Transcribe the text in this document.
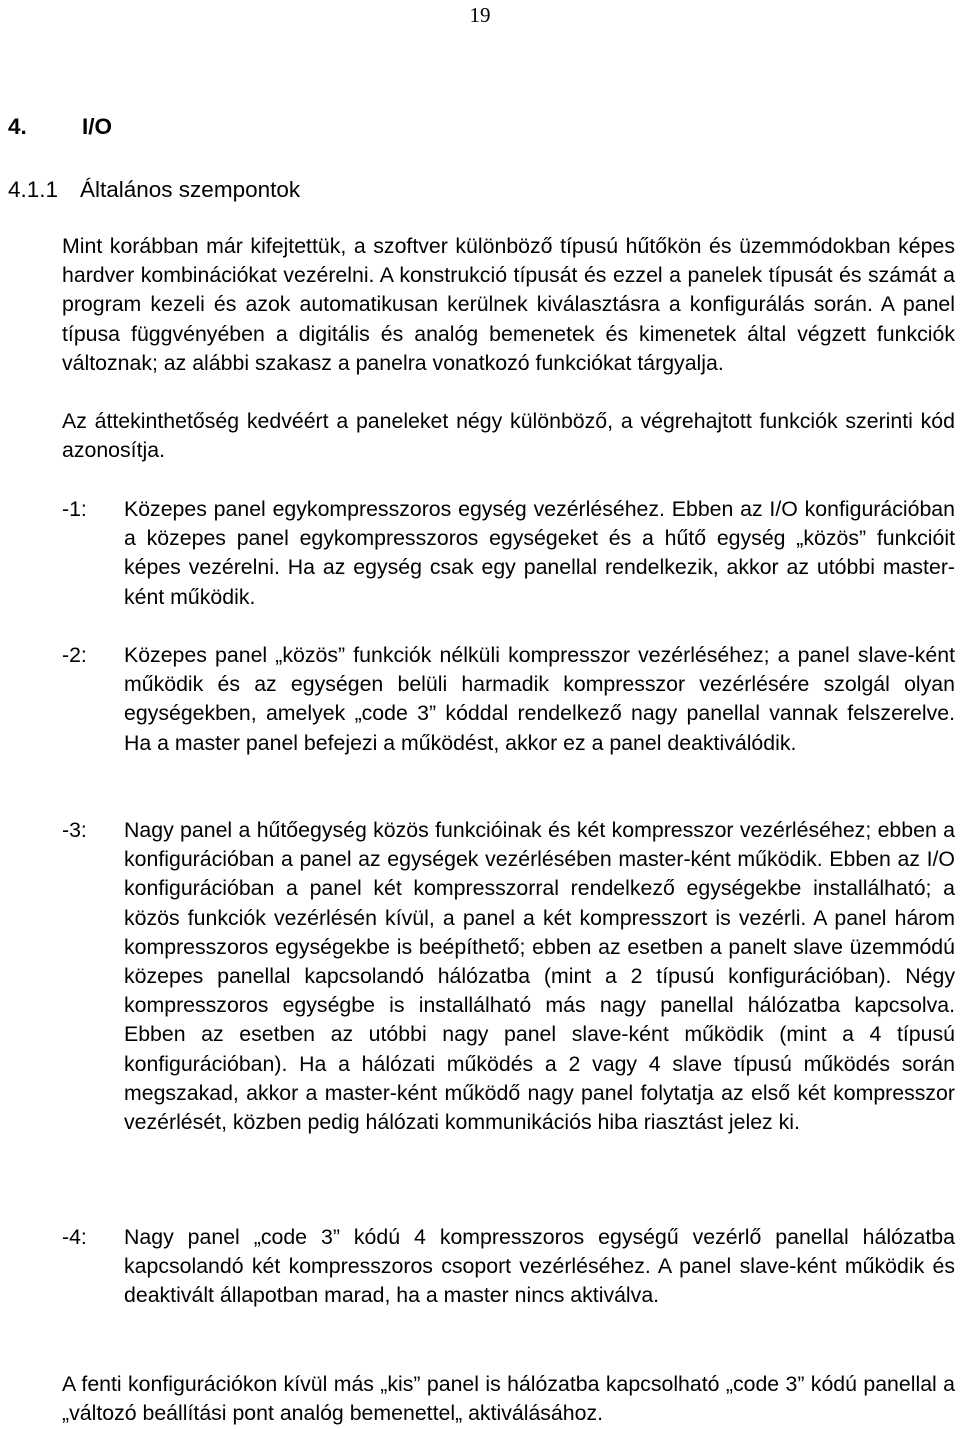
19
4. I/O
4.1.1 Általános szempontok

Mint korábban már kifejtettük, a szoftver különböző típusú hűtőkön és üzemmódokban képes hardver kombinációkat vezérelni. A konstrukció típusát és ezzel a panelek típusát és számát a program kezeli és azok automatikusan kerülnek kiválasztásra a konfigurálás során. A panel típusa függvényében a digitális és analóg bemenetek és kimenetek által végzett funkciók változnak; az alábbi szakasz a panelra vonatkozó funkciókat tárgyalja.

Az áttekinthetőség kedvéért a paneleket négy különböző, a végrehajtott funkciók szerinti kód azonosítja.

-1: Közepes panel egykompresszoros egység vezérléséhez. Ebben az I/O konfigurációban a közepes panel egykompresszoros egységeket és a hűtő egység „közös” funkcióit képes vezérelni. Ha az egység csak egy panellal rendelkezik, akkor az utóbbi master-ként működik.
-2: Közepes panel „közös” funkciók nélküli kompresszor vezérléséhez; a panel slave-ként működik és az egységen belüli harmadik kompresszor vezérlésére szolgál olyan egységekben, amelyek „code 3” kóddal rendelkező nagy panellal vannak felszerelve. Ha a master panel befejezi a működést, akkor ez a panel deaktiválódik.
-3: Nagy panel a hűtőegység közös funkcióinak és két kompresszor vezérléséhez; ebben a konfigurációban a panel az egységek vezérlésében master-ként működik. Ebben az I/O konfigurációban a panel két kompresszorral rendelkező egységekbe installálható; a közös funkciók vezérlésén kívül, a panel a két kompresszort is vezérli. A panel három kompresszoros egységekbe is beépíthető; ebben az esetben a panelt slave üzemmódú közepes panellal kapcsolandó hálózatba (mint a 2 típusú konfigurációban). Négy kompresszoros egységbe is installálható más nagy panellal hálózatba kapcsolva. Ebben az esetben az utóbbi nagy panel slave-ként működik (mint a 4 típusú konfigurációban). Ha a hálózati működés a 2 vagy 4 slave típusú működés során megszakad, akkor a master-ként működő nagy panel folytatja az első két kompresszor vezérlését, közben pedig hálózati kommunikációs hiba riasztást jelez ki.
-4: Nagy panel „code 3” kódú 4 kompresszoros egységű vezérlő panellal hálózatba kapcsolandó két kompresszoros csoport vezérléséhez. A panel slave-ként működik és deaktivált állapotban marad, ha a master nincs aktiválva.

A fenti konfigurációkon kívül más „kis” panel is hálózatba kapcsolható „code 3” kódú panellal a „változó beállítási pont analóg bemenettel„ aktiválásához.
